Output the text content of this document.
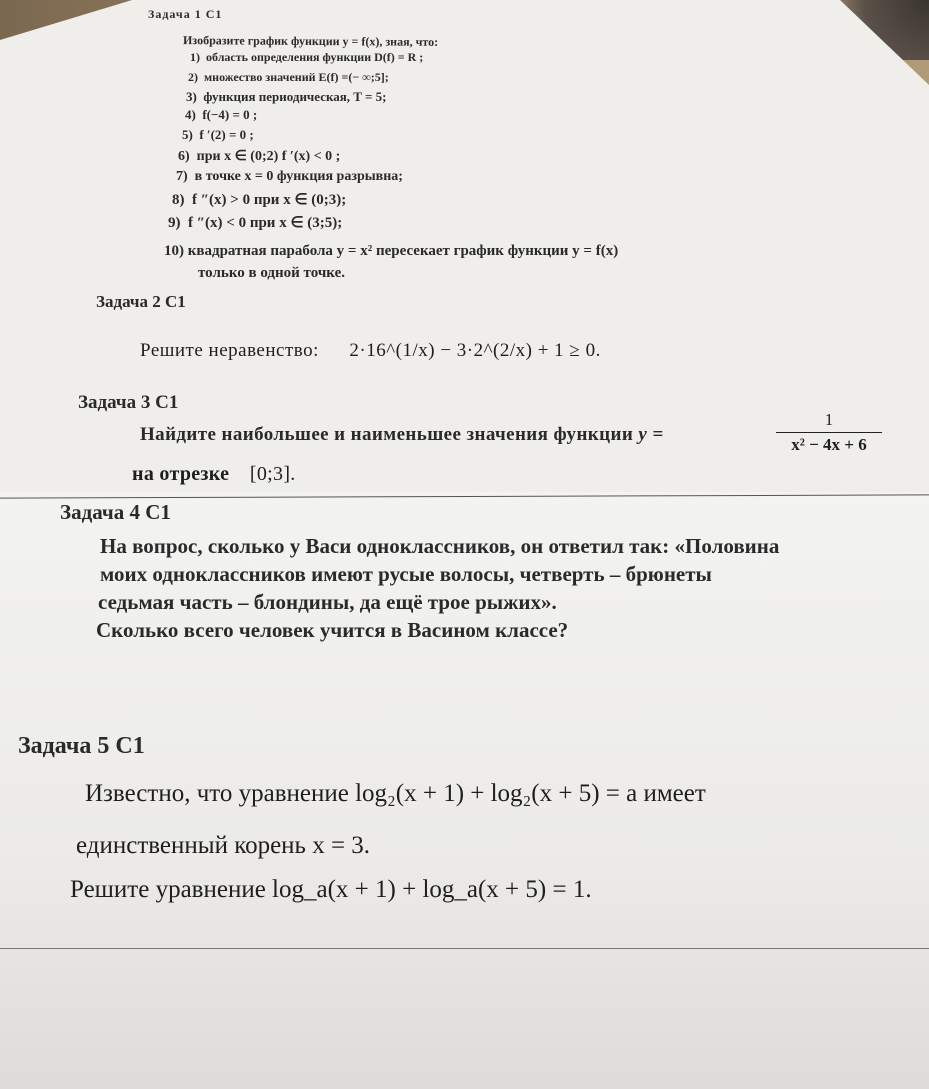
Задача 1 С1
Изобразите график функции y = f(x), зная, что:
1) область определения функции D(f) = R ;
2) множество значений E(f) =(− ∞;5];
3) функция периодическая, T = 5;
4) f(−4) = 0 ;
5) f ′(2) = 0 ;
6) при x ∈ (0;2) f ′(x) < 0 ;
7) в точке x = 0 функция разрывна;
8) f ″(x) > 0 при x ∈ (0;3);
9) f ″(x) < 0 при x ∈ (3;5);
10) квадратная парабола y = x² пересекает график функции y = f(x)
только в одной точке.
Задача 2 С1
Решите неравенство: 2·16^(1/x) − 3·2^(2/x) + 1 ≥ 0.
Задача 3 С1
Найдите наибольшее и наименьшее значения функции y =
1
x² − 4x + 6
на отрезке [0;3].
Задача 4 С1
На вопрос, сколько у Васи одноклассников, он ответил так: «Половина
моих одноклассников имеют русые волосы, четверть – брюнеты
седьмая часть – блондины, да ещё трое рыжих».
Сколько всего человек учится в Васином классе?
Задача 5 С1
Известно, что уравнение log₂(x + 1) + log₂(x + 5) = a имеет
единственный корень x = 3.
Решите уравнение log_a(x + 1) + log_a(x + 5) = 1.
